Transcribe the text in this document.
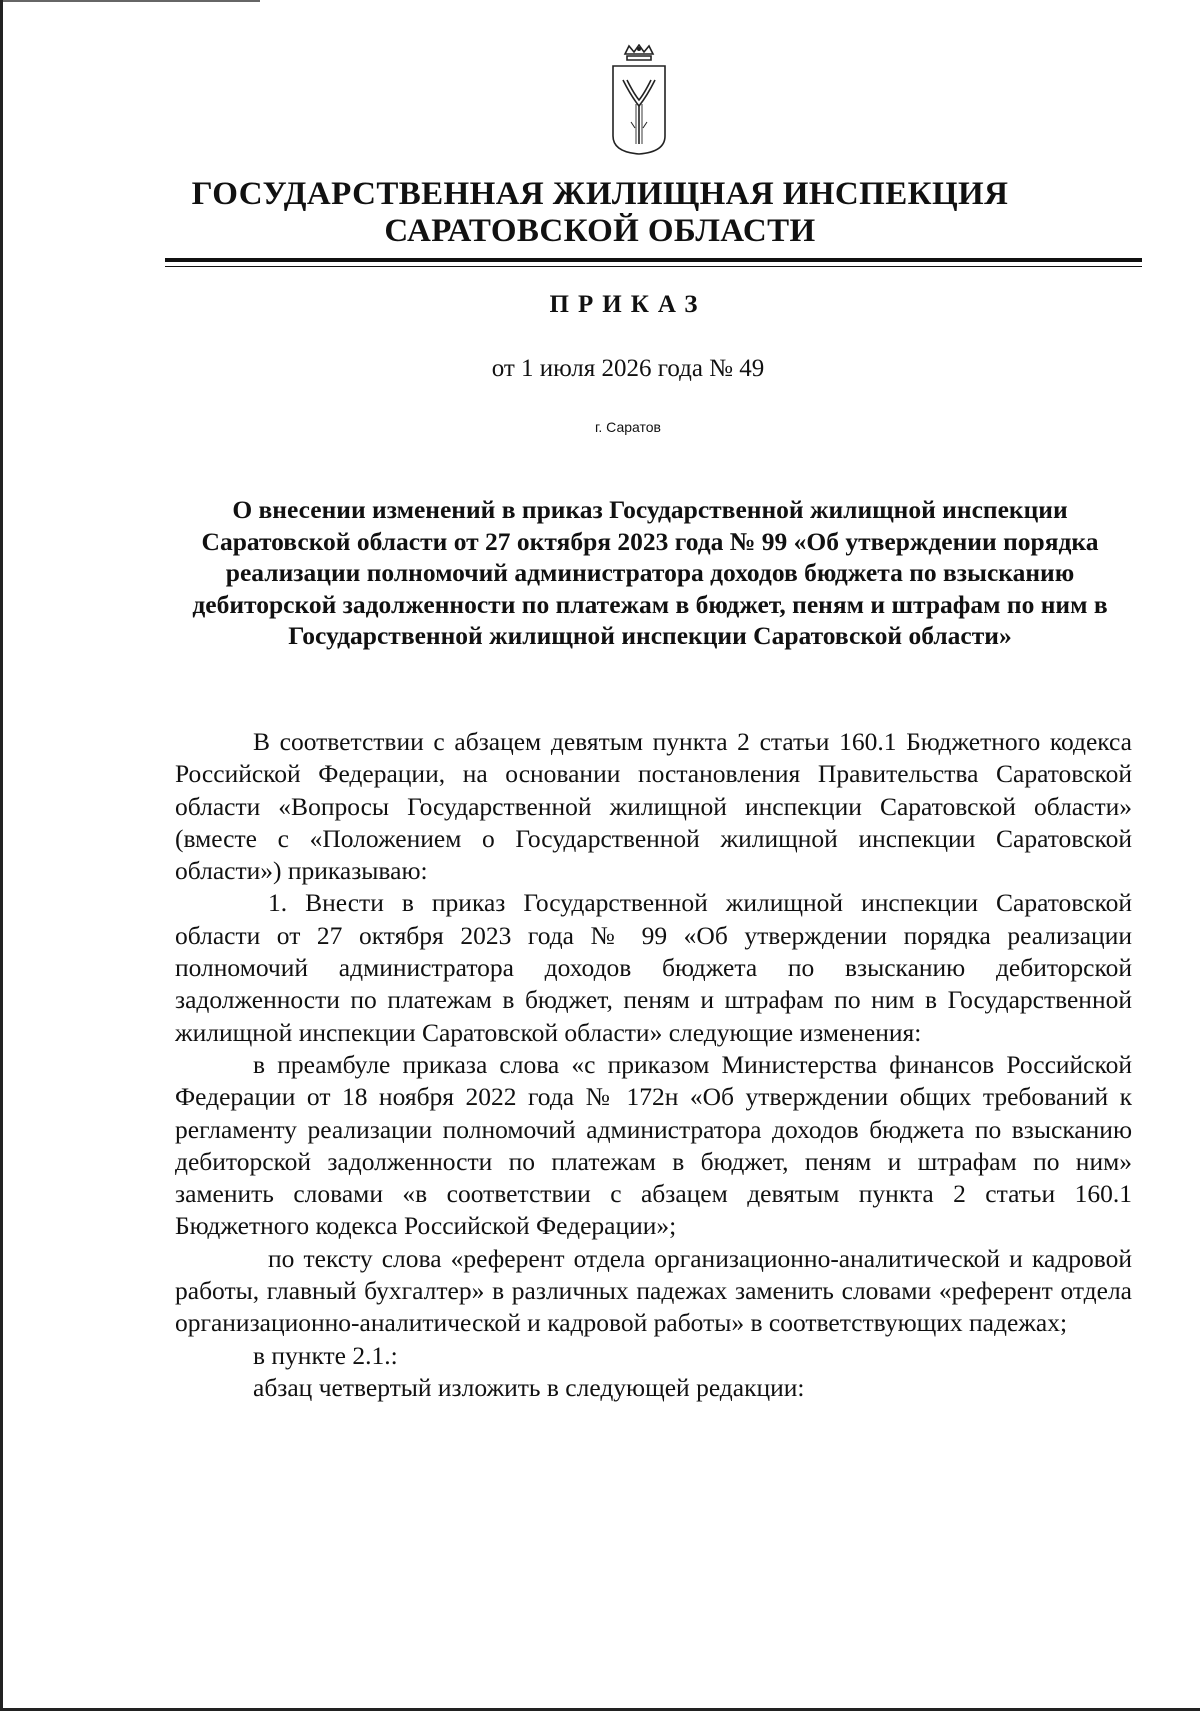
ГОСУДАРСТВЕННАЯ ЖИЛИЩНАЯ ИНСПЕКЦИЯ
САРАТОВСКОЙ ОБЛАСТИ
ПРИКАЗ
от 1 июля 2026 года № 49
г. Саратов
О внесении изменений в приказ Государственной жилищной инспекции Саратовской области от 27 октября 2023 года № 99 «Об утверждении порядка реализации полномочий администратора доходов бюджета по взысканию дебиторской задолженности по платежам в бюджет, пеням и штрафам по ним в Государственной жилищной инспекции Саратовской области»

В соответствии с абзацем девятым пункта 2 статьи 160.1 Бюджетного кодекса Российской Федерации, на основании постановления Правительства Саратовской области «Вопросы Государственной жилищной инспекции Саратовской области» (вместе с «Положением о Государственной жилищной инспекции Саратовской области») приказываю:

1. Внести в приказ Государственной жилищной инспекции Саратовской области от 27 октября 2023 года № 99 «Об утверждении порядка реализации полномочий администратора доходов бюджета по взысканию дебиторской задолженности по платежам в бюджет, пеням и штрафам по ним в Государственной жилищной инспекции Саратовской области» следующие изменения:

в преамбуле приказа слова «с приказом Министерства финансов Российской Федерации от 18 ноября 2022 года № 172н «Об утверждении общих требований к регламенту реализации полномочий администратора доходов бюджета по взысканию дебиторской задолженности по платежам в бюджет, пеням и штрафам по ним» заменить словами «в соответствии с абзацем девятым пункта 2 статьи 160.1 Бюджетного кодекса Российской Федерации»;

по тексту слова «референт отдела организационно-аналитической и кадровой работы, главный бухгалтер» в различных падежах заменить словами «референт отдела организационно-аналитической и кадровой работы» в соответствующих падежах;

в пункте 2.1.:

абзац четвертый изложить в следующей редакции:
